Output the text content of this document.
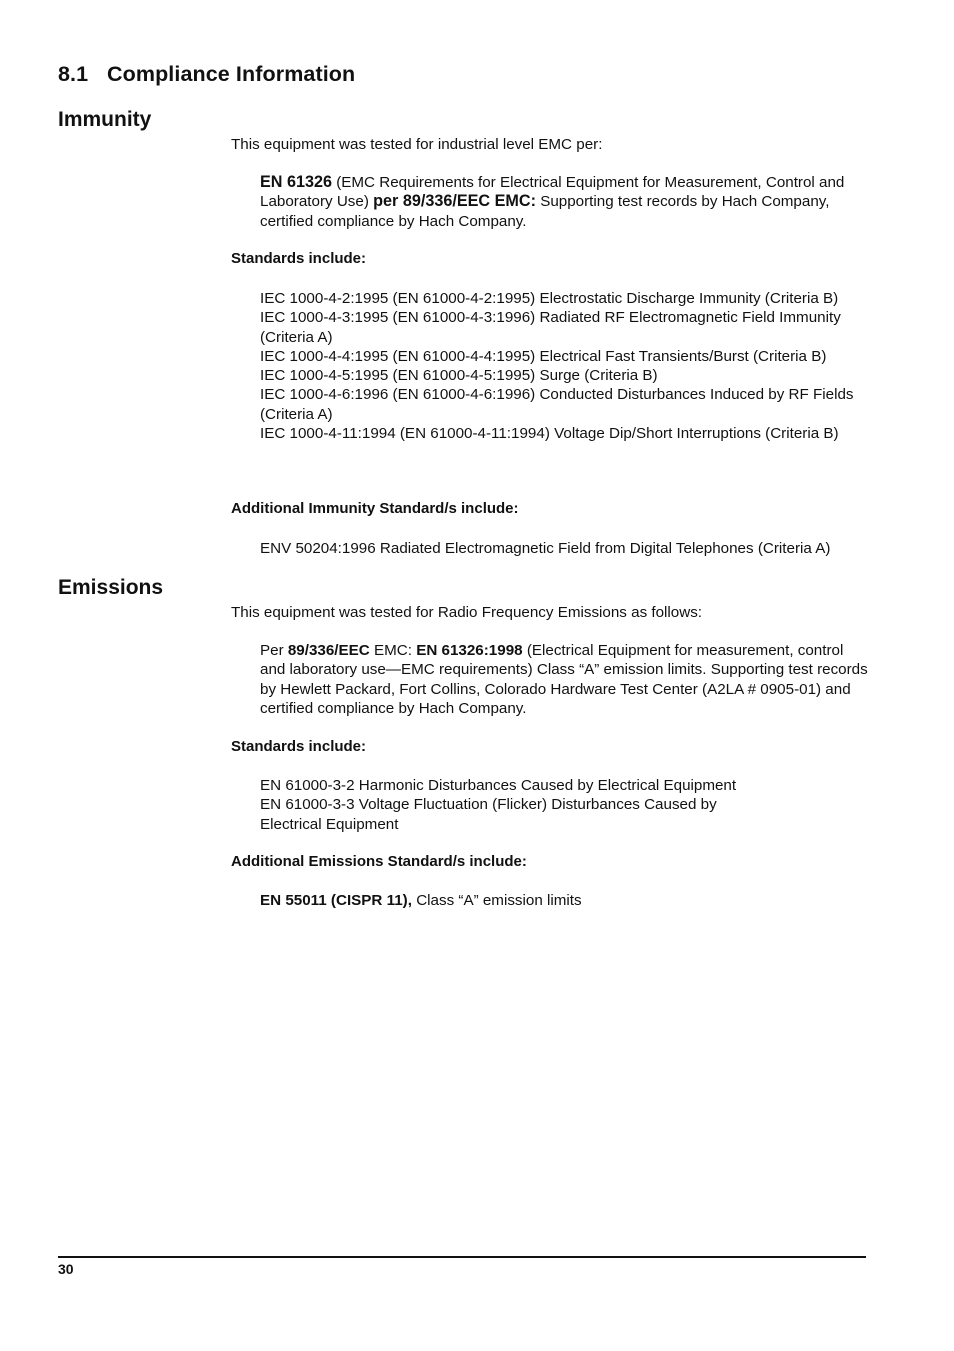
8.1 Compliance Information
Immunity
This equipment was tested for industrial level EMC per:
EN 61326 (EMC Requirements for Electrical Equipment for Measurement, Control and Laboratory Use) per 89/336/EEC EMC: Supporting test records by Hach Company, certified compliance by Hach Company.
Standards include:
IEC 1000-4-2:1995 (EN 61000-4-2:1995) Electrostatic Discharge Immunity (Criteria B)
IEC 1000-4-3:1995 (EN 61000-4-3:1996) Radiated RF Electromagnetic Field Immunity (Criteria A)
IEC 1000-4-4:1995 (EN 61000-4-4:1995) Electrical Fast Transients/Burst (Criteria B)
IEC 1000-4-5:1995 (EN 61000-4-5:1995) Surge (Criteria B)
IEC 1000-4-6:1996 (EN 61000-4-6:1996) Conducted Disturbances Induced by RF Fields (Criteria A)
IEC 1000-4-11:1994 (EN 61000-4-11:1994) Voltage Dip/Short Interruptions (Criteria B)
Additional Immunity Standard/s include:
ENV 50204:1996 Radiated Electromagnetic Field from Digital Telephones (Criteria A)
Emissions
This equipment was tested for Radio Frequency Emissions as follows:
Per 89/336/EEC EMC: EN 61326:1998 (Electrical Equipment for measurement, control and laboratory use—EMC requirements) Class “A” emission limits. Supporting test records by Hewlett Packard, Fort Collins, Colorado Hardware Test Center (A2LA # 0905-01) and certified compliance by Hach Company.
Standards include:
EN 61000-3-2 Harmonic Disturbances Caused by Electrical Equipment
EN 61000-3-3 Voltage Fluctuation (Flicker) Disturbances Caused by Electrical Equipment
Additional Emissions Standard/s include:
EN 55011 (CISPR 11), Class “A” emission limits
30
